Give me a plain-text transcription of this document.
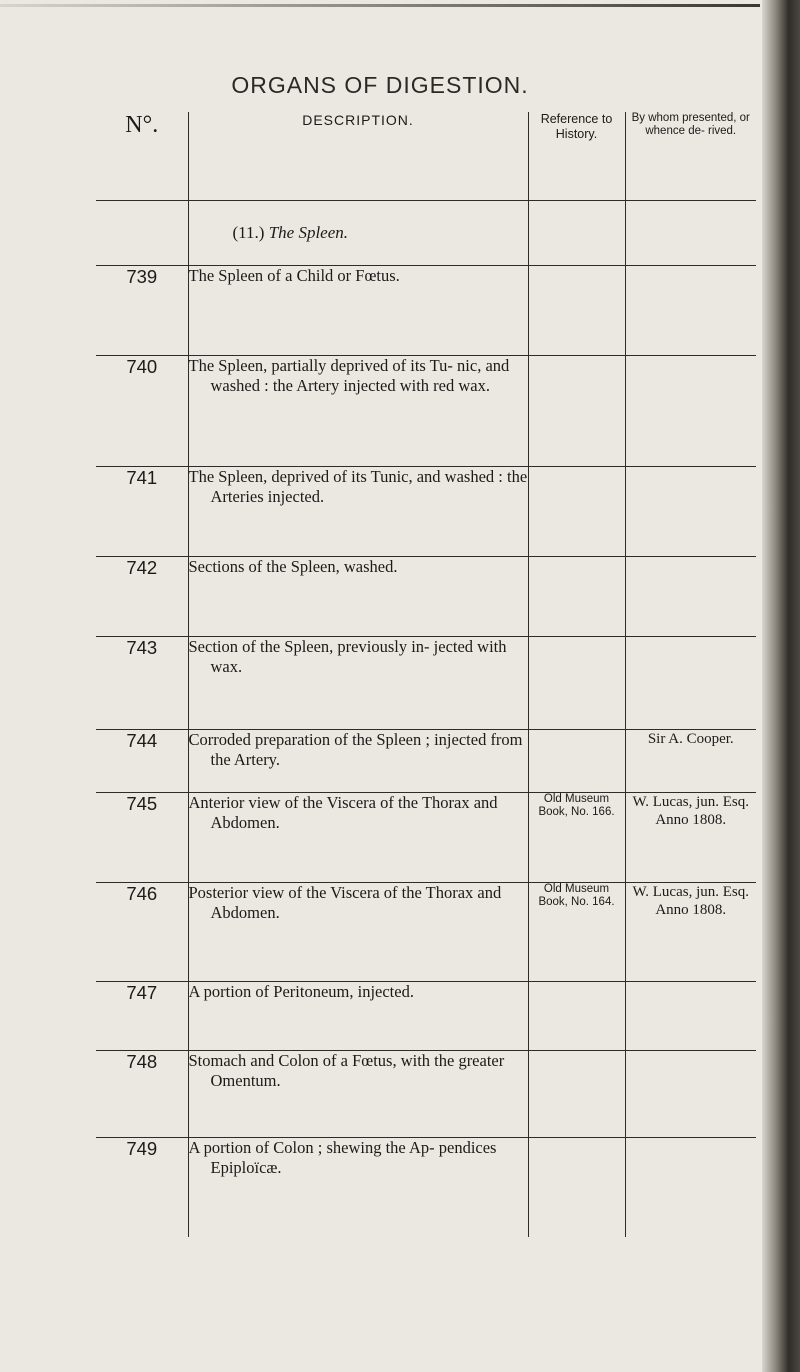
ORGANS OF DIGESTION.
N°.	DESCRIPTION.	Reference to History.	By whom presented, or whence de- rived.

	(11.) The Spleen.		

739	The Spleen of a Child or Fœtus.		

740	The Spleen, partially deprived of its Tu- nic, and washed : the Artery injected with red wax.		

741	The Spleen, deprived of its Tunic, and washed : the Arteries injected.		

742	Sections of the Spleen, washed.		

743	Section of the Spleen, previously in- jected with wax.		

744	Corroded preparation of the Spleen ; injected from the Artery.		Sir A. Cooper.
745	Anterior view of the Viscera of the Thorax and Abdomen.	Old Museum Book, No. 166.	W. Lucas, jun. Esq. Anno 1808.
746	Posterior view of the Viscera of the Thorax and Abdomen.	Old Museum Book, No. 164.	W. Lucas, jun. Esq. Anno 1808.
747	A portion of Peritoneum, injected.		

748	Stomach and Colon of a Fœtus, with the greater Omentum.		

749	A portion of Colon ; shewing the Ap- pendices Epiploïcæ.		
